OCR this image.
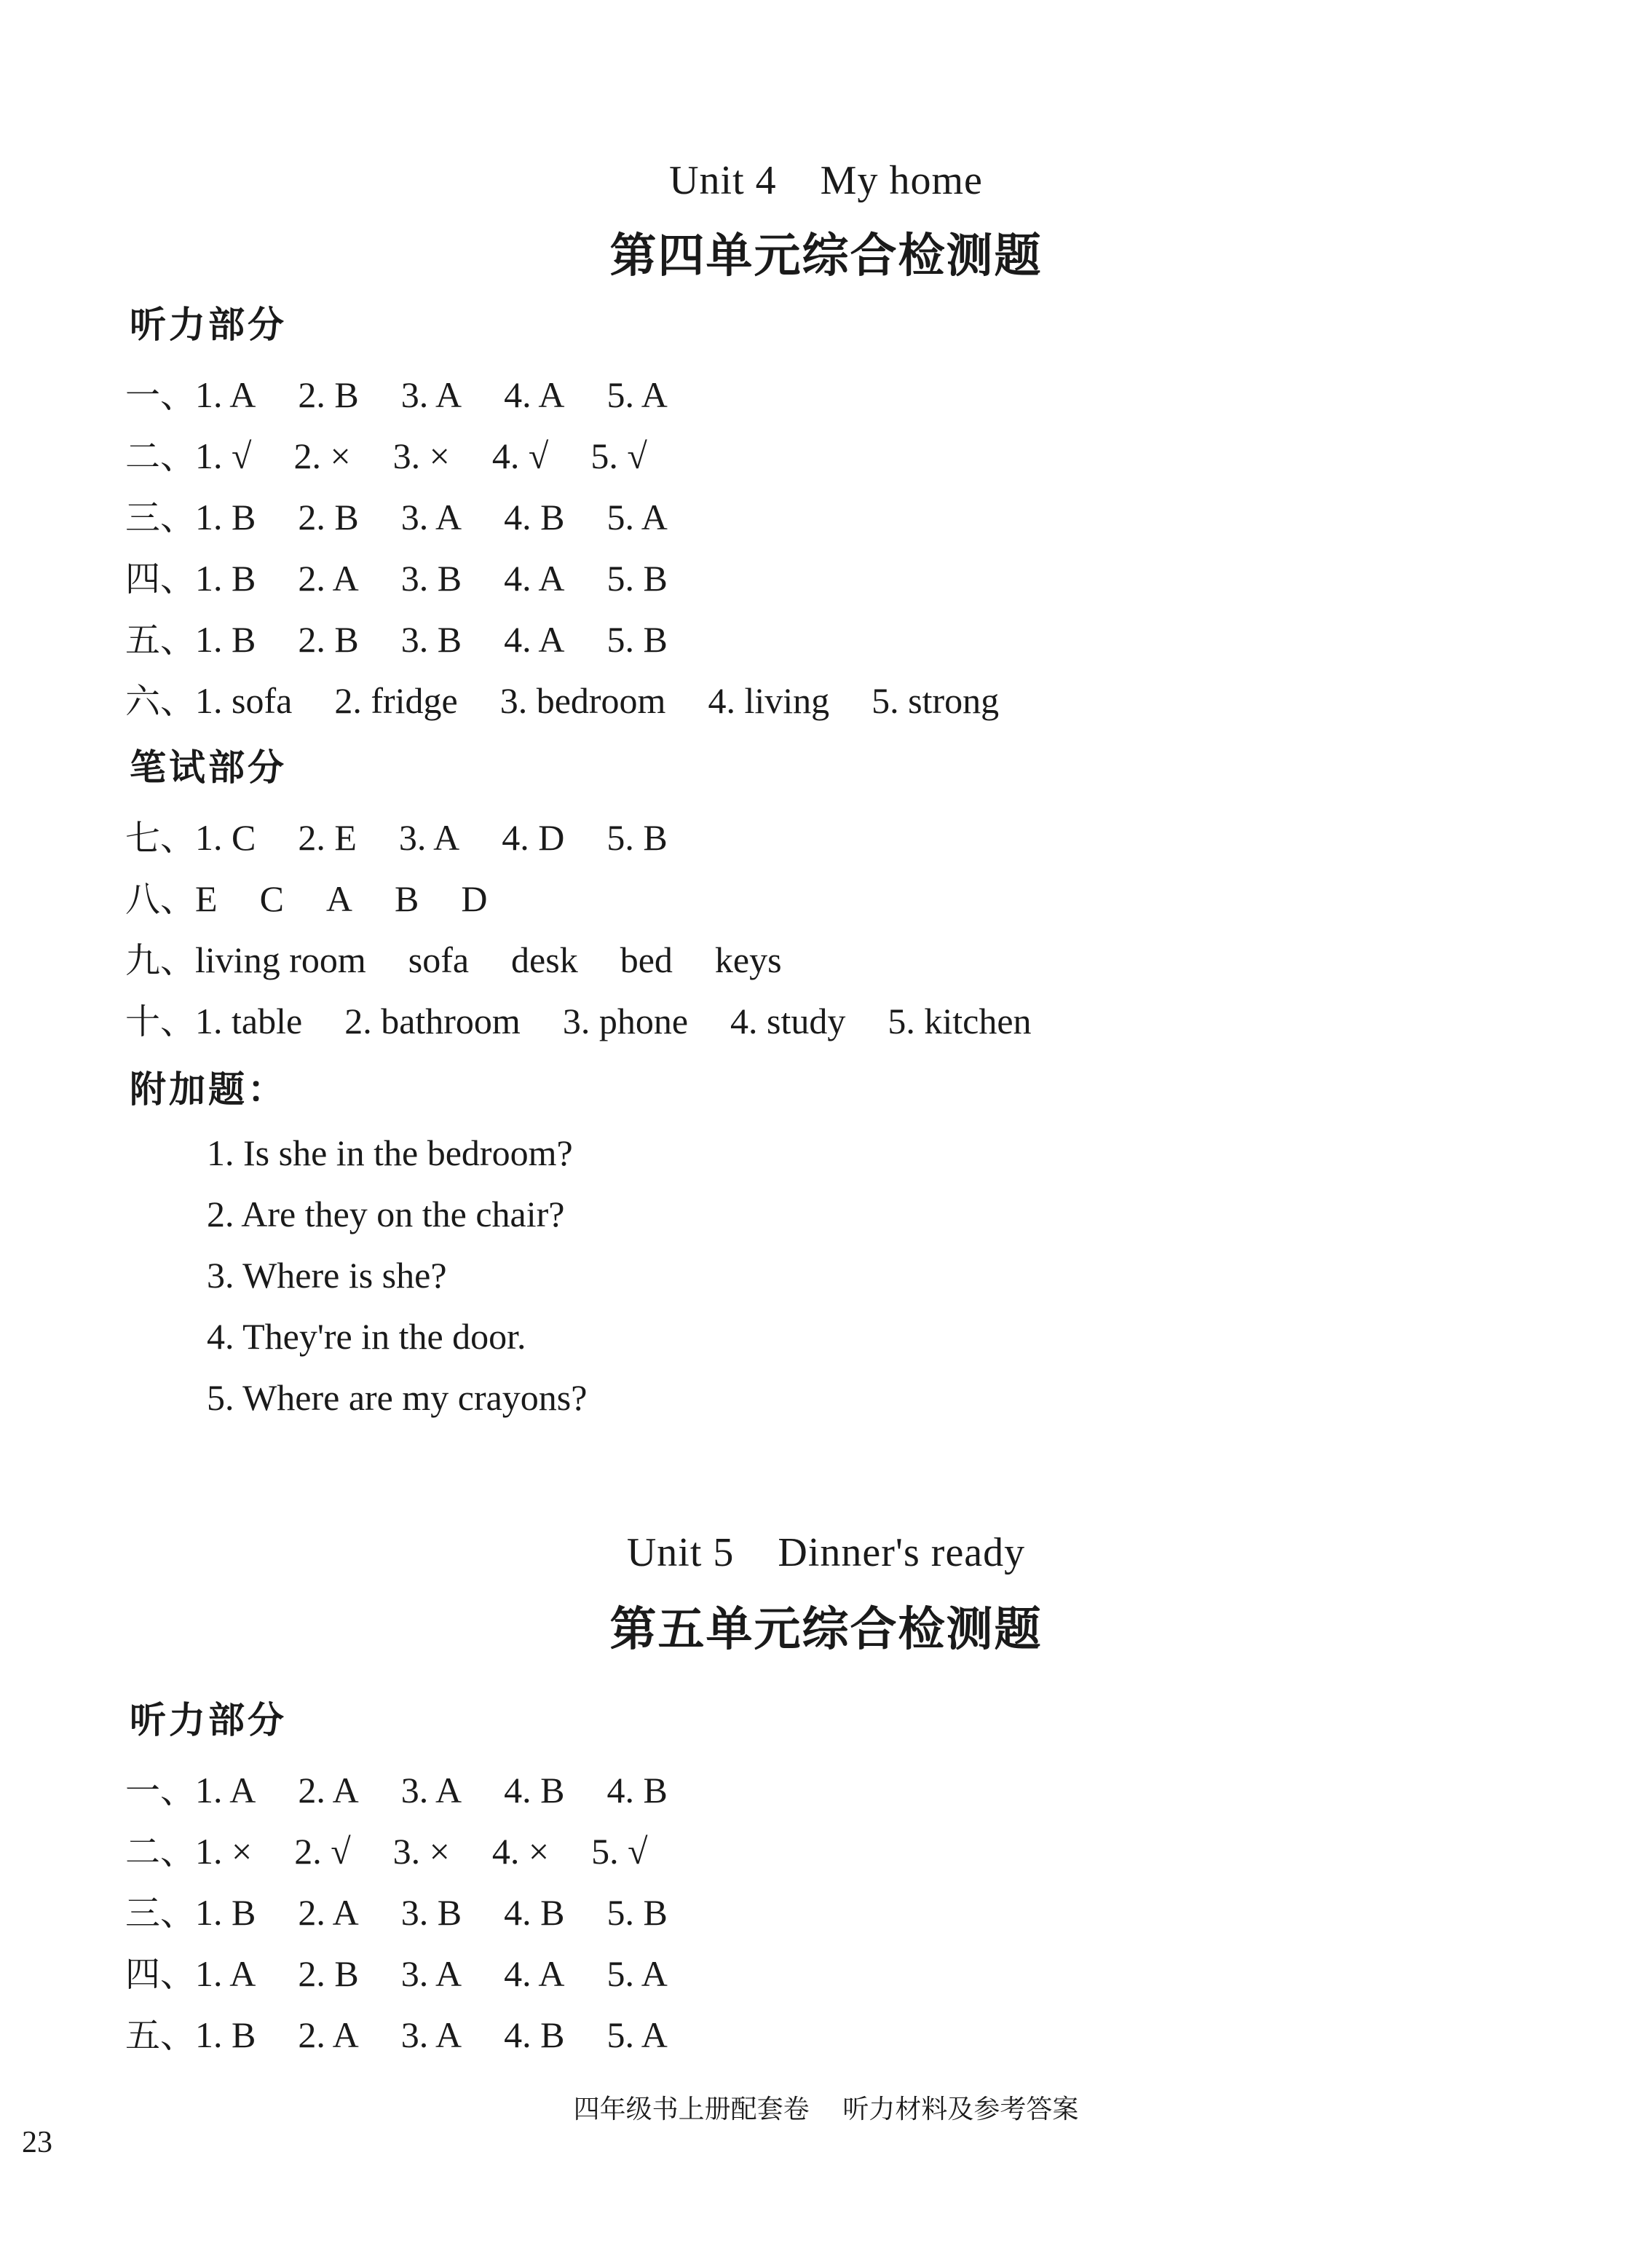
Unit 4    My home
第四单元综合检测题
听力部分
一、1. A 2. B 3. A 4. A 5. A
二、1. √ 2. × 3. × 4. √ 5. √
三、1. B 2. B 3. A 4. B 5. A
四、1. B 2. A 3. B 4. A 5. B
五、1. B 2. B 3. B 4. A 5. B
六、1. sofa 2. fridge 3. bedroom 4. living 5. strong
笔试部分
七、1. C 2. E 3. A 4. D 5. B
八、E C A B D
九、living room sofa desk bed keys
十、1. table 2. bathroom 3. phone 4. study 5. kitchen
附加题：
1. Is she in the bedroom?
2. Are they on the chair?
3. Where is she?
4. They're in the door.
5. Where are my crayons?
Unit 5    Dinner's ready
第五单元综合检测题
听力部分
一、1. A 2. A 3. A 4. B 4. B
二、1. × 2. √ 3. × 4. × 5. √
三、1. B 2. A 3. B 4. B 5. B
四、1. A 2. B 3. A 4. A 5. A
五、1. B 2. A 3. A 4. B 5. A
四年级书上册配套卷    听力材料及参考答案
23
